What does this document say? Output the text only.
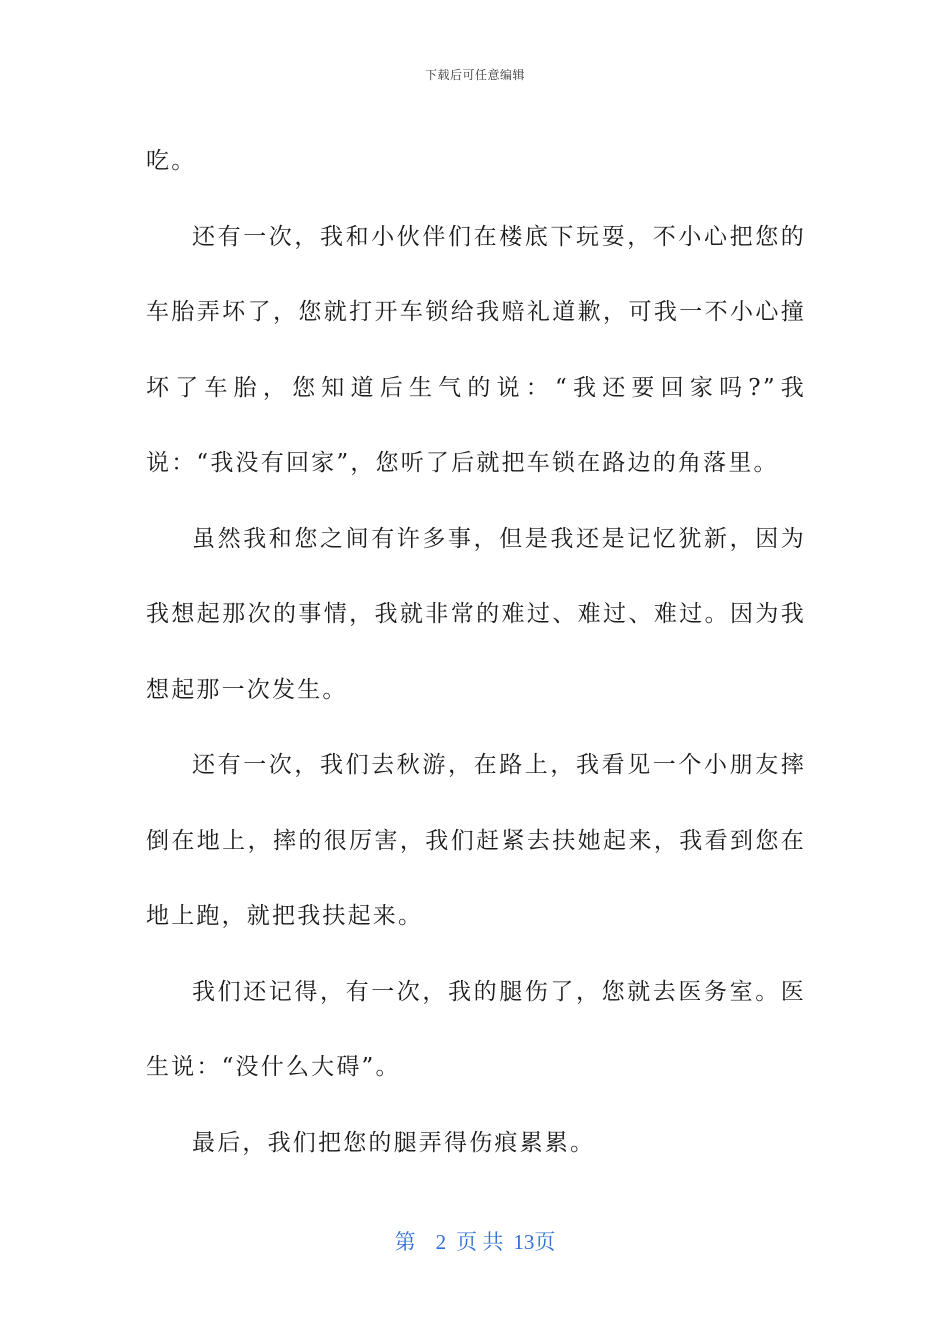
下载后可任意编辑

吃。

还有一次，我和小伙伴们在楼底下玩耍，不小心把您的车胎弄坏了，您就打开车锁给我赔礼道歉，可我一不小心撞坏了车胎，您知道后生气的说：“我还要回家吗?”我说：“我没有回家”，您听了后就把车锁在路边的角落里。

虽然我和您之间有许多事，但是我还是记忆犹新，因为我想起那次的事情，我就非常的难过、难过、难过。因为我想起那一次发生。

还有一次，我们去秋游，在路上，我看见一个小朋友摔倒在地上，摔的很厉害，我们赶紧去扶她起来，我看到您在地上跑，就把我扶起来。

我们还记得，有一次，我的腿伤了，您就去医务室。医生说：“没什么大碍”。

最后，我们把您的腿弄得伤痕累累。

第 2 页 共 13页
